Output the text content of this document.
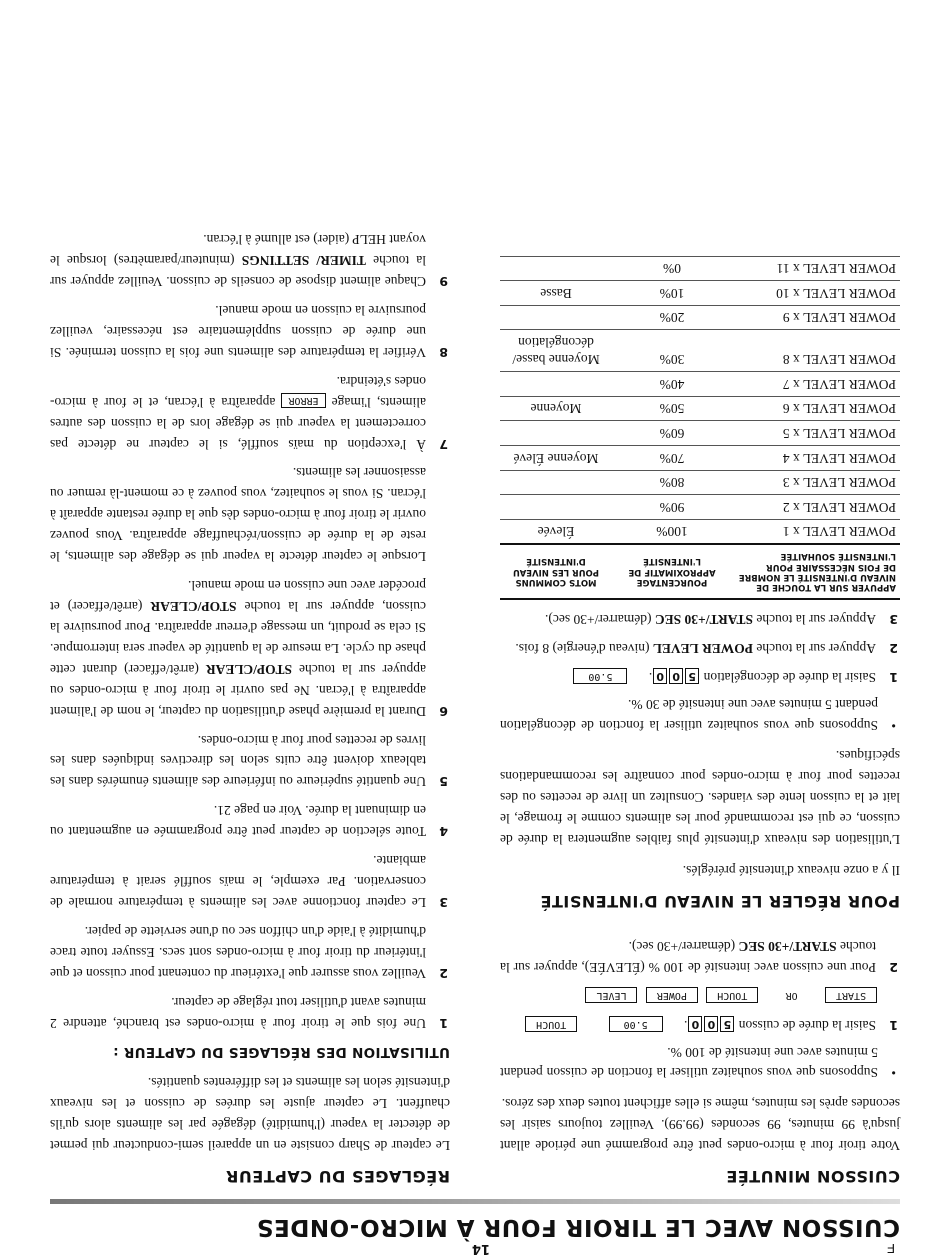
F
14
CUISSON AVEC LE TIROIR FOUR À MICRO-ONDES
CUISSON MINUTÉE

Votre tiroir four à micro-ondes peut être programmé une période allant jusqu'à 99 minutes, 99 secondes (99.99). Veuillez toujours saisir les secondes après les minutes, même si elles affichent toutes deux des zéros.

• Supposons que vous souhaitez utiliser la fonction de cuisson pendant 5 minutes avec une intensité de 100 %.
1
Saisir la durée de cuisson 500. 5.00 TOUCH
START OR TOUCH POWER LEVEL
2
Pour une cuisson avec intensité de 100 % (ÉLEVÉE), appuyer sur la touche START/+30 SEC (démarrer/+30 sec).
POUR RÉGLER LE NIVEAU D'INTENSITÉ

Il y a onze niveaux d'intensité préréglés.

L'utilisation des niveaux d'intensité plus faibles augmentera la durée de cuisson, ce qui est recommandé pour les aliments comme le fromage, le lait et la cuisson lente des viandes. Consultez un livre de recettes ou des recettes pour four à micro-ondes pour connaître les recommandations spécifiques.

• Supposons que vous souhaitez utiliser la fonction de décongélation pendant 5 minutes avec une intensité de 30 %.
1
Saisir la durée de décongélation 500. 5.00
2
Appuyer sur la touche POWER LEVEL (niveau d'énergie) 8 fois.
3
Appuyer sur la touche START/+30 SEC (démarrer/+30 sec).
APPUYER SUR LA TOUCHE DE NIVEAU D'INTENSITÉ LE NOMBRE DE FOIS NÉCESSAIRE POUR L'INTENSITÉ SOUHAITÉE	POURCENTAGE APPROXIMATIF DE L'INTENSITÉ	MOTS COMMUNS POUR LES NIVEAU D'INTENSITÉ
POWER LEVEL x 1	100%	Élevée
POWER LEVEL x 2	90%	
POWER LEVEL x 3	80%	
POWER LEVEL x 4	70%	Moyenne Élevé
POWER LEVEL x 5	60%	
POWER LEVEL x 6	50%	Moyenne
POWER LEVEL x 7	40%	
POWER LEVEL x 8	30%	Moyenne basse/ décongélation
POWER LEVEL x 9	20%	
POWER LEVEL x 10	10%	Basse
POWER LEVEL x 11	0%	
RÉGLAGES DU CAPTEUR

Le capteur de Sharp consiste en un appareil semi-conducteur qui permet de détecter la vapeur (l'humidité) dégagée par les aliments alors qu'ils chauffent. Le capteur ajuste les durées de cuisson et les niveaux d'intensité selon les aliments et les différentes quantités.

UTILISATION DES RÉGLAGES DU CAPTEUR :
1
Une fois que le tiroir four à micro-ondes est branché, attendre 2 minutes avant d'utiliser tout réglage de capteur.
2
Veuillez vous assurer que l'extérieur du contenant pour cuisson et que l'intérieur du tiroir four à micro-ondes sont secs. Essuyer toute trace d'humidité à l'aide d'un chiffon sec ou d'une serviette de papier.
3
Le capteur fonctionne avec les aliments à température normale de conservation. Par exemple, le maïs soufflé serait à température ambiante.
4
Toute sélection de capteur peut être programmée en augmentant ou en diminuant la durée. Voir en page 21.
5
Une quantité supérieure ou inférieure des aliments énumérés dans les tableaux doivent être cuits selon les directives indiquées dans les livres de recettes pour four à micro-ondes.
6
Durant la première phase d'utilisation du capteur, le nom de l'aliment apparaîtra à l'écran. Ne pas ouvrir le tiroir four à micro-ondes ou appuyer sur la touche STOP/CLEAR (arrêt/effacer) durant cette phase du cycle. La mesure de la quantité de vapeur sera interrompue. Si cela se produit, un message d'erreur apparaîtra. Pour poursuivre la cuisson, appuyer sur la touche STOP/CLEAR (arrêt/effacer) et procéder avec une cuisson en mode manuel.
Lorsque le capteur détecte la vapeur qui se dégage des aliments, le reste de la durée de cuisson/réchauffage apparaîtra. Vous pouvez ouvrir le tiroir four à micro-ondes dès que la durée restante apparaît à l'écran. Si vous le souhaitez, vous pouvez à ce moment-là remuer ou assaisonner les aliments.
7
À l'exception du maïs soufflé, si le capteur ne détecte pas correctement la vapeur qui se dégage lors de la cuisson des autres aliments, l'image ERROR apparaîtra à l'écran, et le four à micro-ondes s'éteindra.
8
Vérifier la température des aliments une fois la cuisson terminée. Si une durée de cuisson supplémentaire est nécessaire, veuillez poursuivre la cuisson en mode manuel.
9
Chaque aliment dispose de conseils de cuisson. Veuillez appuyer sur la touche TIMER/ SETTINGS (minuteur/paramètres) lorsque le voyant HELP (aider) est allumé à l'écran.
